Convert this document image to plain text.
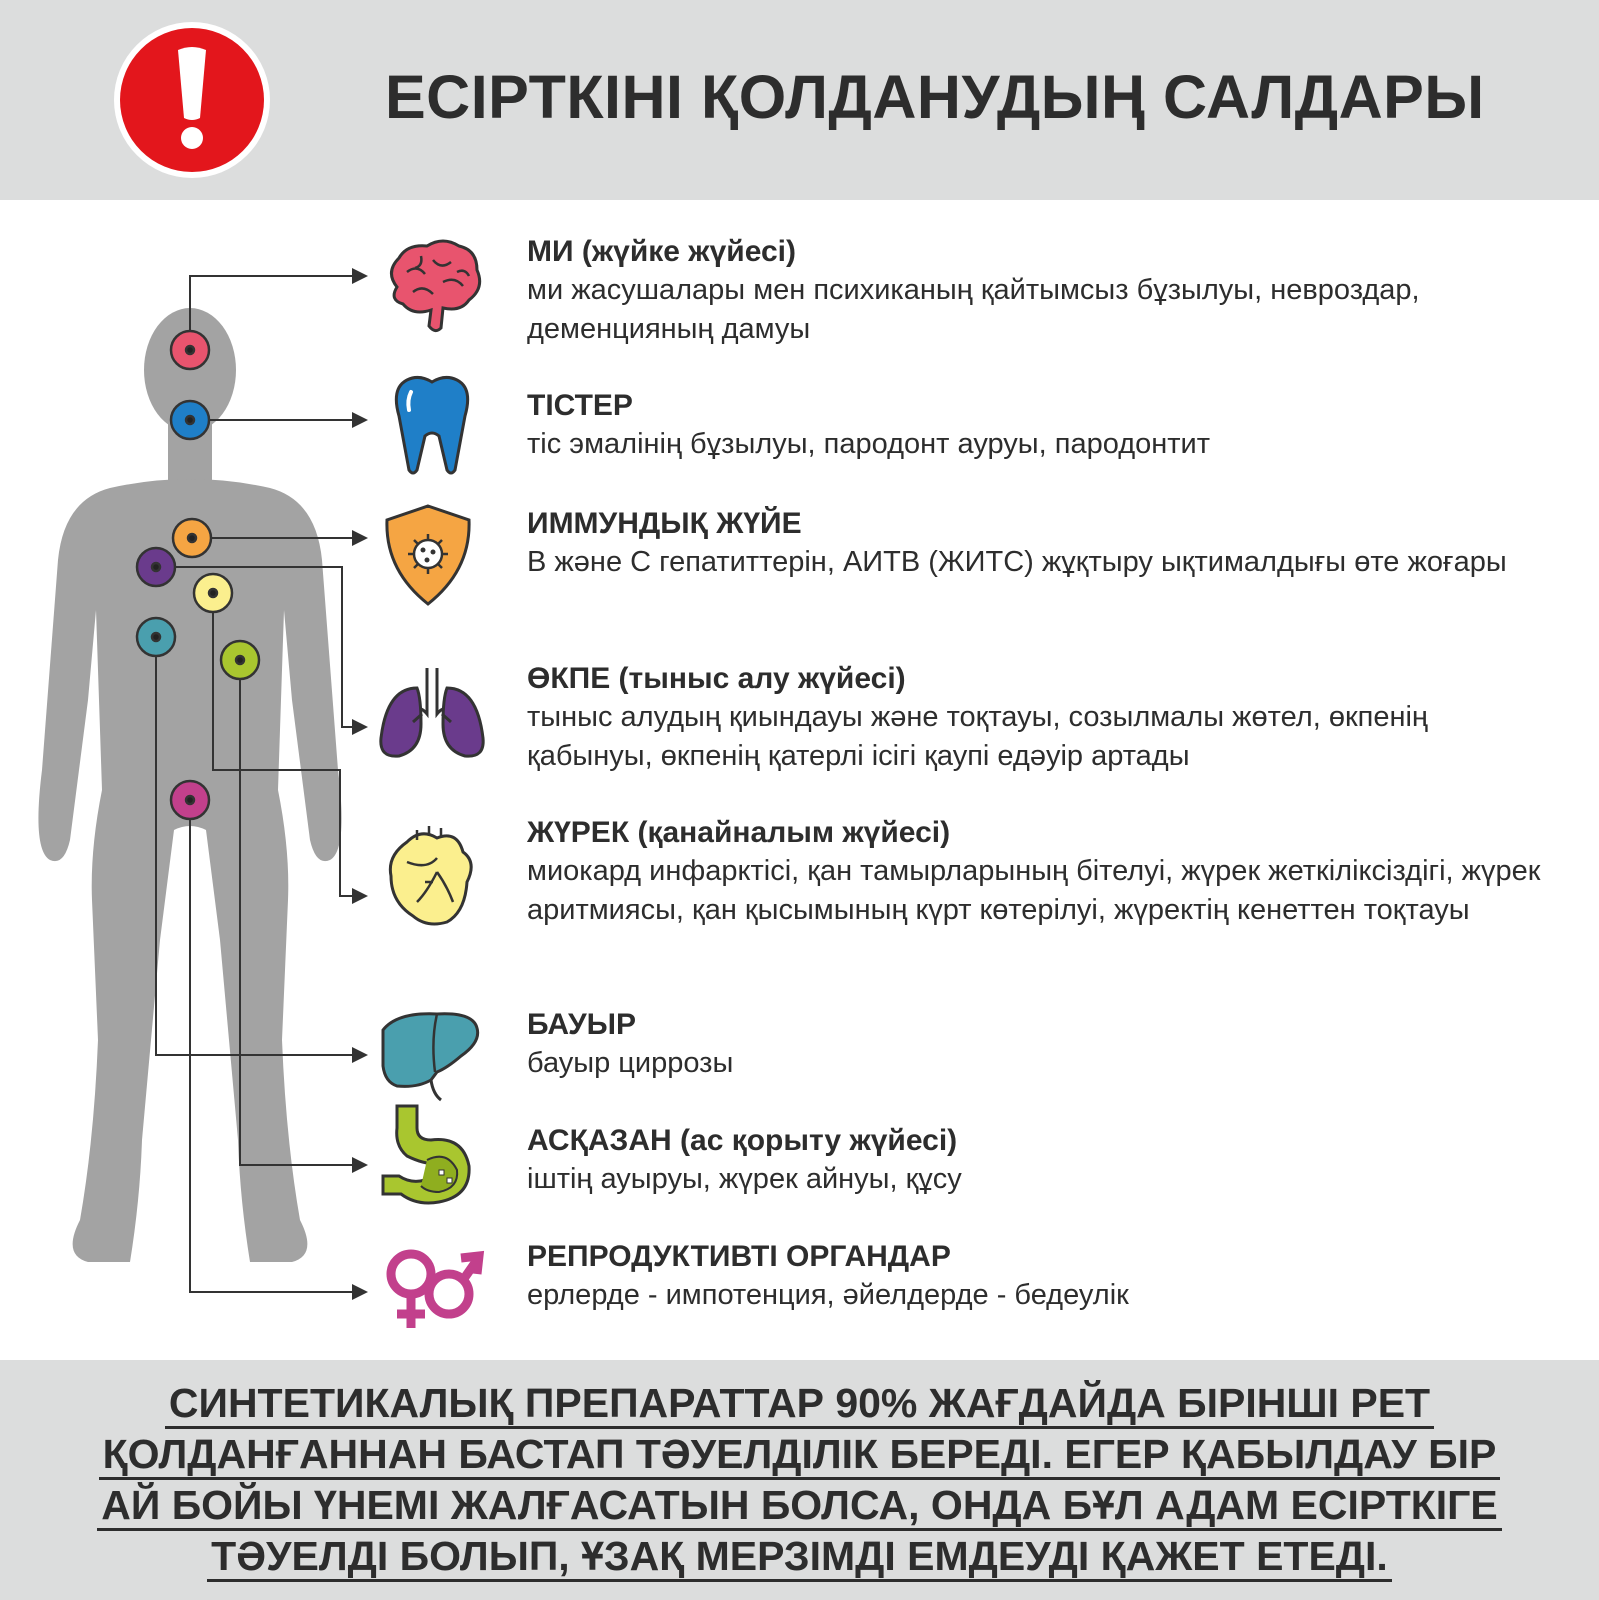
ЕСІРТКІНІ ҚОЛДАНУДЫҢ САЛДАРЫ
МИ (жүйке жүйесі)
ми жасушалары мен психиканың қайтымсыз бұзылуы, невроздар, деменцияның дамуы
ТІСТЕР
тіс эмалінің бұзылуы, пародонт ауруы, пародонтит
ИММУНДЫҚ ЖҮЙЕ
В және С гепатиттерін, АИТВ (ЖИТС) жұқтыру ықтималдығы өте жоғары
ӨКПЕ (тыныс алу жүйесі)
тыныс алудың қиындауы және тоқтауы, созылмалы жөтел, өкпенің қабынуы, өкпенің қатерлі ісігі қаупі едәуір артады
ЖҮРЕК (қанайналым жүйесі)
миокард инфарктісі, қан тамырларының бітелуі, жүрек жеткіліксіздігі, жүрек аритмиясы, қан қысымының күрт көтерілуі, жүректің кенеттен тоқтауы
БАУЫР
бауыр циррозы
АСҚАЗАН (ас қорыту жүйесі)
іштің ауыруы, жүрек айнуы, құсу
РЕПРОДУКТИВТІ ОРГАНДАР
ерлерде - импотенция, әйелдерде - бедеулік
СИНТЕТИКАЛЫҚ ПРЕПАРАТТАР 90% ЖАҒДАЙДА БІРІНШІ РЕТ
ҚОЛДАНҒАННАН БАСТАП ТӘУЕЛДІЛІК БЕРЕДІ. ЕГЕР ҚАБЫЛДАУ БІР
АЙ БОЙЫ ҮНЕМІ ЖАЛҒАСАТЫН БОЛСА, ОНДА БҰЛ АДАМ ЕСІРТКІГЕ
ТӘУЕЛДІ БОЛЫП, ҰЗАҚ МЕРЗІМДІ ЕМДЕУДІ ҚАЖЕТ ЕТЕДІ.
